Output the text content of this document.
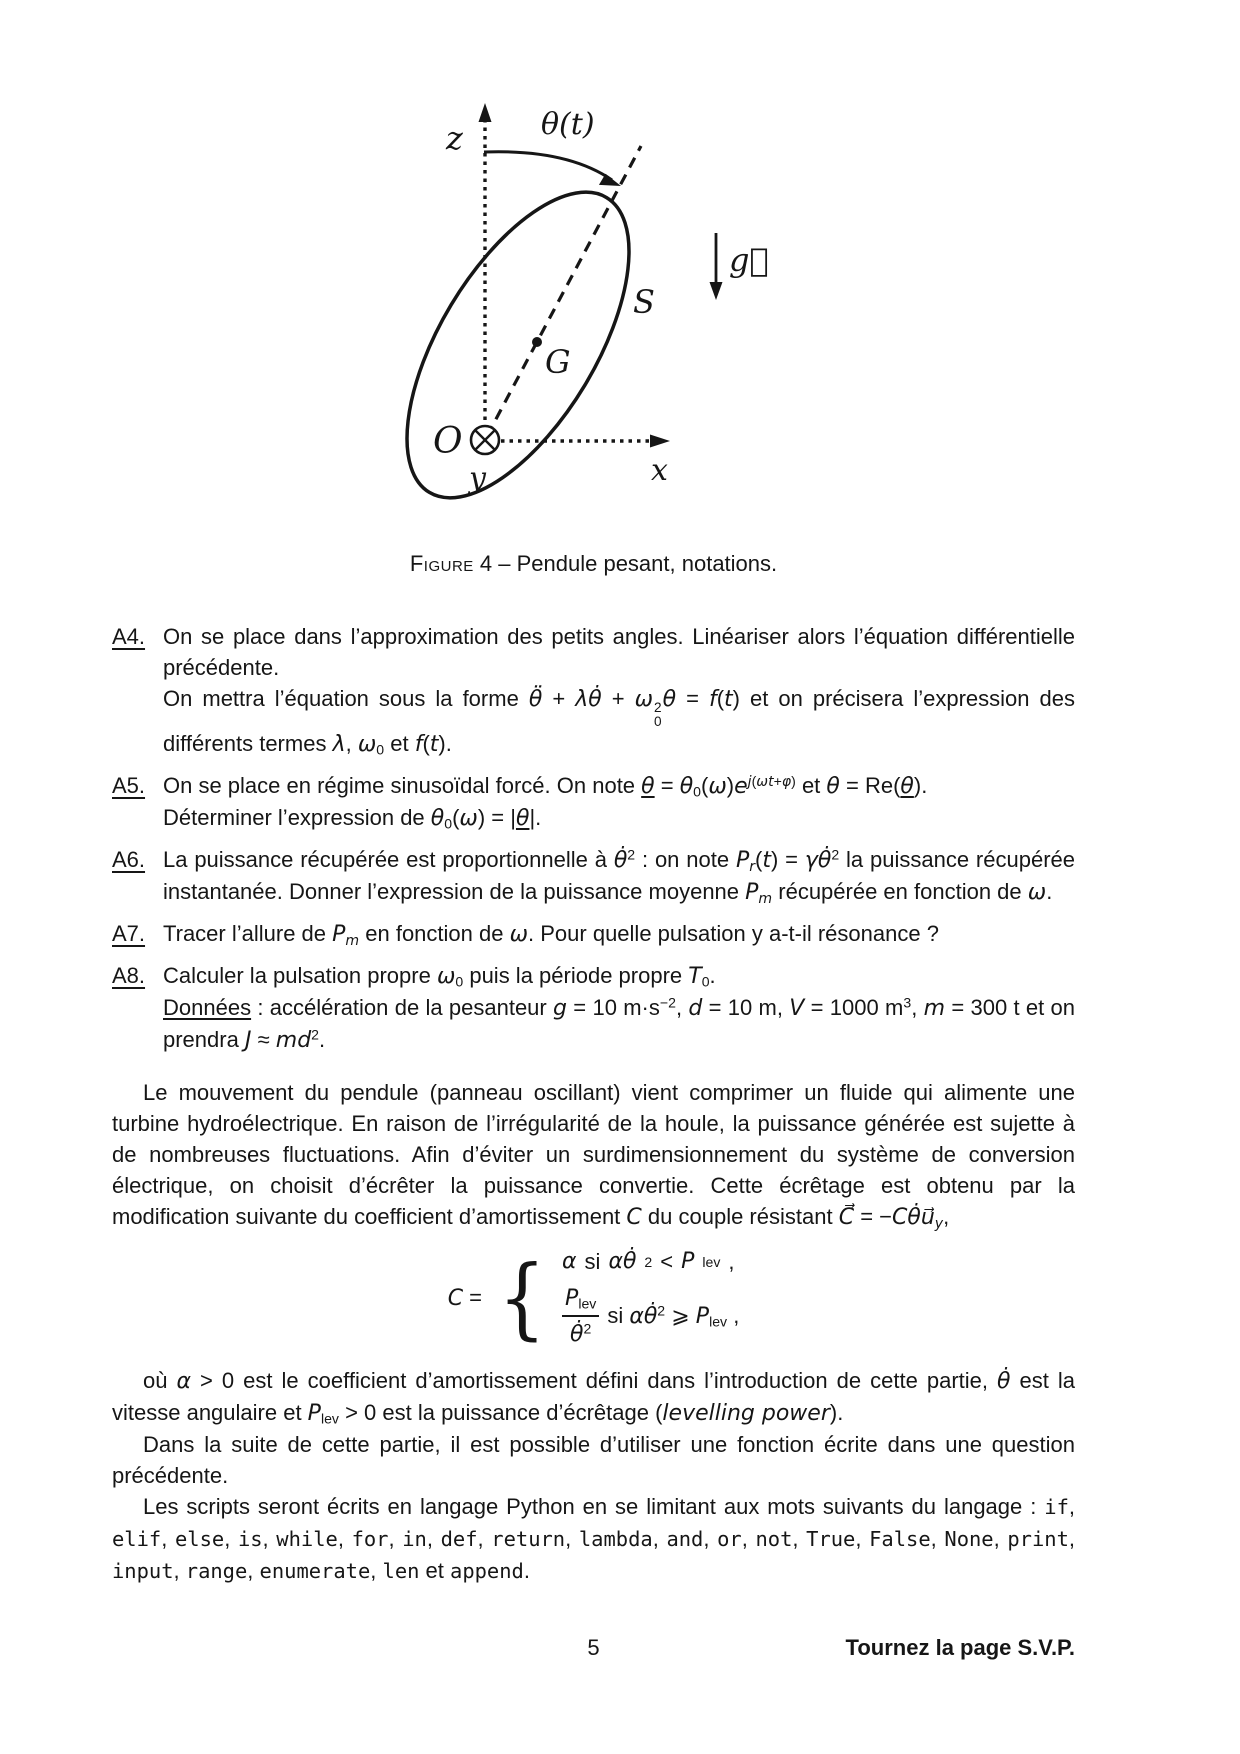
z	θ(t)
g⃗
S
G
O
y	x
Figure 4 – Pendule pesant, notations.
A4. On se place dans l’approximation des petits angles. Linéariser alors l’équation différentielle précédente.

On mettra l’équation sous la forme θ̈ + λθ̇ + ω 2
0
θ = f(t) et on précisera l’expression des différents termes λ, $\omega_0$ et f(t).

A5. On se place en régime sinusoïdal forcé. On note $\theta = \theta_0(\omega)e^{j(\omega t+\varphi)}$ et θ = Re(θ).

Déterminer l’expression de $\theta_0(\omega) = |\theta|$.

A6. La puissance récupérée est proportionnelle à θ̇$^2$ : on note $P_r(t)$ = γθ̇$^2$ la puissance récupérée instantanée. Donner l’expression de la puissance moyenne $P_m$ récupérée en fonction de ω.

A7. Tracer l’allure de $P_m$ en fonction de ω. Pour quelle pulsation y a-t-il résonance ?

A8. Calculer la pulsation propre $\omega_0$ puis la période propre $T_0$.

Données : accélération de la pesanteur g = 10 $m\cdot s^{-2}$, d = 10 m, V = 1000 $m^3$, m = 300 t et on prendra $J \approx md^2$.

Le mouvement du pendule (panneau oscillant) vient comprimer un fluide qui alimente une turbine hydroélectrique. En raison de l’irrégularité de la houle, la puissance générée est sujette à de nombreuses fluctuations. Afin d’éviter un surdimensionnement du système de conversion électrique, on choisit d’écrêter la puissance convertie. Cette écrêtage est obtenu par la modification suivante du coefficient d’amortissement C du couple résistant C⃗ = $-C\thetȧu⃗_y$,

C = { α si αθ̇ 2 < P lev ,
$\frac{P_{lev}}{\thetȧ^2}$ si αθ̇$^2$ ⩾ $P_{lev}$ ,

où α > 0 est le coefficient d’amortissement défini dans l’introduction de cette partie, θ̇ est la vitesse angulaire et $P_{lev} > 0$ est la puissance d’écrêtage (levelling power).

Dans la suite de cette partie, il est possible d’utiliser une fonction écrite dans une question précédente.

Les scripts seront écrits en langage Python en se limitant aux mots suivants du langage : if, elif, else, is, while, for, in, def, return, lambda, and, or, not, True, False, None, print, input, range, enumerate, len et append.

5	Tournez la page S.V.P.
